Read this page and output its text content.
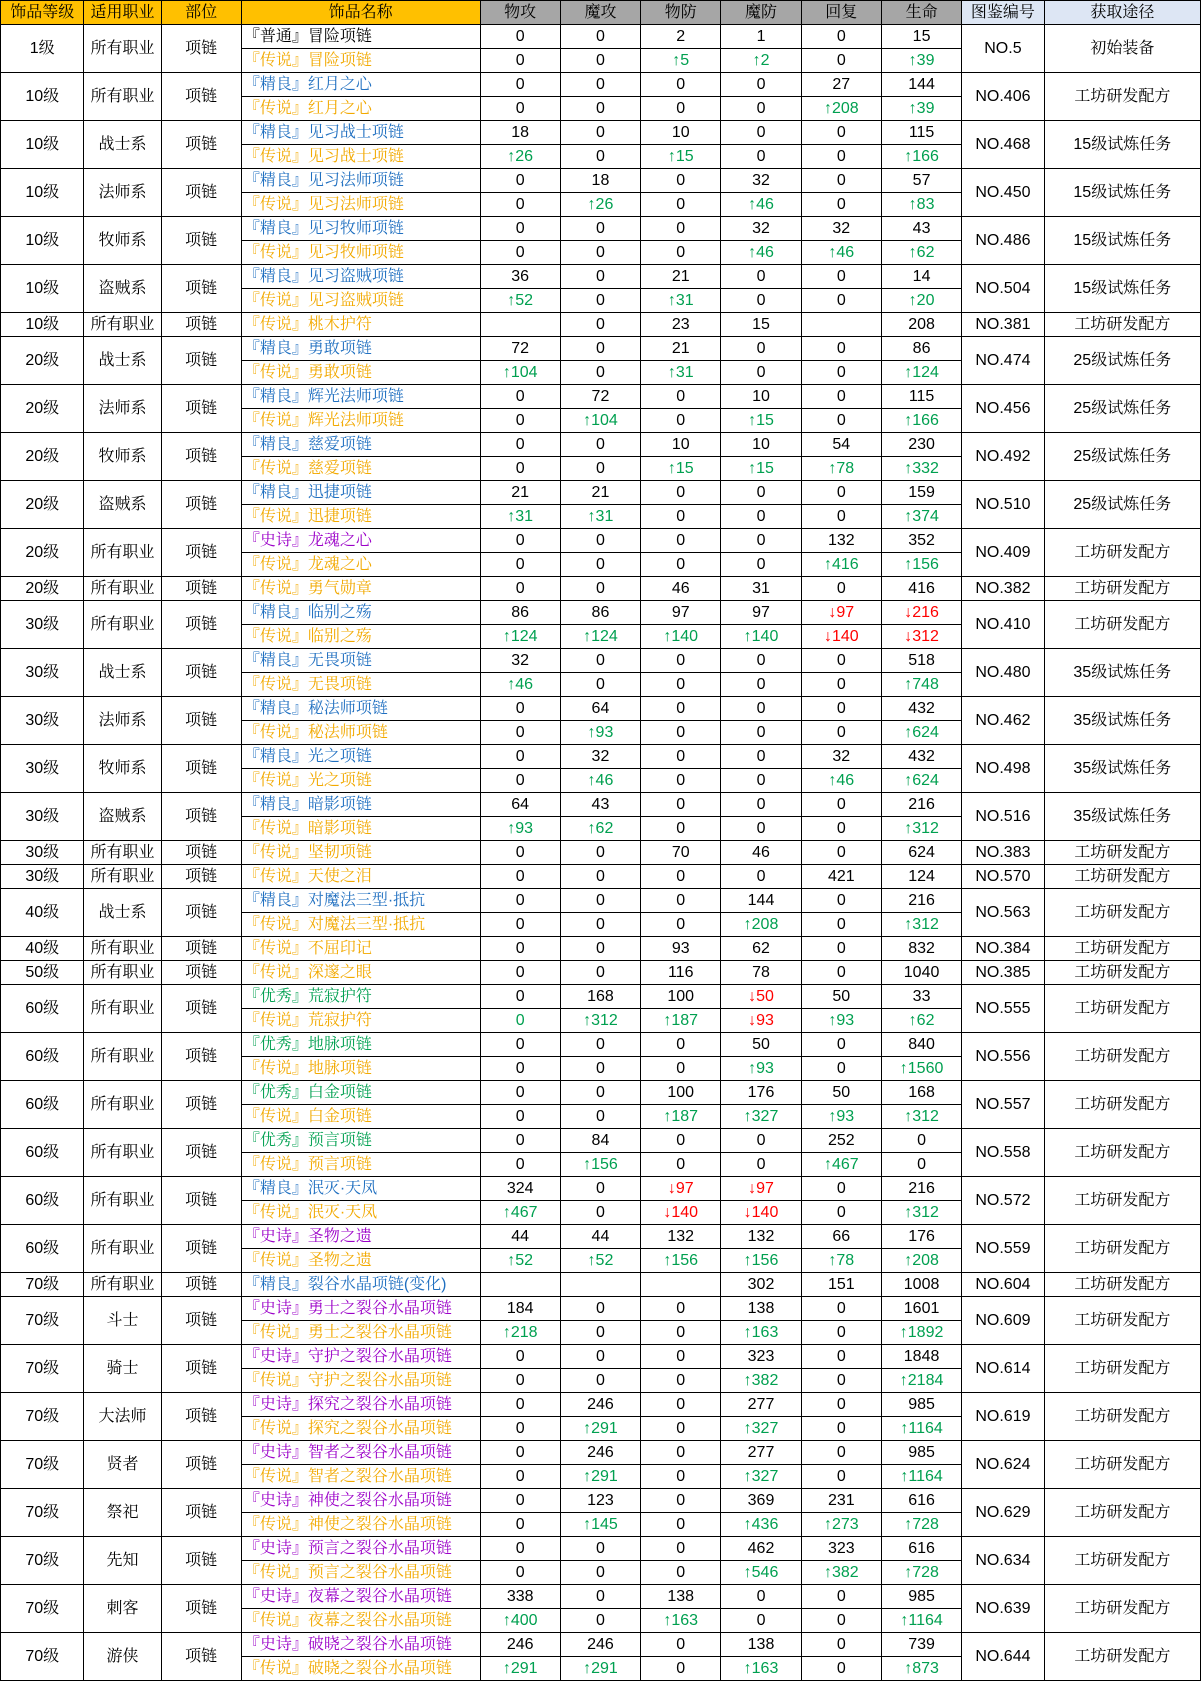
饰品等级	适用职业	部位	饰品名称	物攻	魔攻	物防	魔防	回复	生命	图鉴编号	获取途径
1级	所有职业	项链	『普通』冒险项链	0	0	2	1	0	15	NO.5	初始装备
			『传说』冒险项链	0	0	↑5	↑2	0	↑39		
10级	所有职业	项链	『精良』红月之心	0	0	0	0	27	144	NO.406	工坊研发配方
			『传说』红月之心	0	0	0	0	↑208	↑39		
10级	战士系	项链	『精良』见习战士项链	18	0	10	0	0	115	NO.468	15级试炼任务
			『传说』见习战士项链	↑26	0	↑15	0	0	↑166		
10级	法师系	项链	『精良』见习法师项链	0	18	0	32	0	57	NO.450	15级试炼任务
			『传说』见习法师项链	0	↑26	0	↑46	0	↑83		
10级	牧师系	项链	『精良』见习牧师项链	0	0	0	32	32	43	NO.486	15级试炼任务
			『传说』见习牧师项链	0	0	0	↑46	↑46	↑62		
10级	盗贼系	项链	『精良』见习盗贼项链	36	0	21	0	0	14	NO.504	15级试炼任务
			『传说』见习盗贼项链	↑52	0	↑31	0	0	↑20		
10级	所有职业	项链	『传说』桃木护符		0	23	15		208	NO.381	工坊研发配方
20级	战士系	项链	『精良』勇敢项链	72	0	21	0	0	86	NO.474	25级试炼任务
			『传说』勇敢项链	↑104	0	↑31	0	0	↑124		
20级	法师系	项链	『精良』辉光法师项链	0	72	0	10	0	115	NO.456	25级试炼任务
			『传说』辉光法师项链	0	↑104	0	↑15	0	↑166		
20级	牧师系	项链	『精良』慈爱项链	0	0	10	10	54	230	NO.492	25级试炼任务
			『传说』慈爱项链	0	0	↑15	↑15	↑78	↑332		
20级	盗贼系	项链	『精良』迅捷项链	21	21	0	0	0	159	NO.510	25级试炼任务
			『传说』迅捷项链	↑31	↑31	0	0	0	↑374		
20级	所有职业	项链	『史诗』龙魂之心	0	0	0	0	132	352	NO.409	工坊研发配方
			『传说』龙魂之心	0	0	0	0	↑416	↑156		
20级	所有职业	项链	『传说』勇气勋章	0	0	46	31	0	416	NO.382	工坊研发配方
30级	所有职业	项链	『精良』临别之殇	86	86	97	97	↓97	↓216	NO.410	工坊研发配方
			『传说』临别之殇	↑124	↑124	↑140	↑140	↓140	↓312		
30级	战士系	项链	『精良』无畏项链	32	0	0	0	0	518	NO.480	35级试炼任务
			『传说』无畏项链	↑46	0	0	0	0	↑748		
30级	法师系	项链	『精良』秘法师项链	0	64	0	0	0	432	NO.462	35级试炼任务
			『传说』秘法师项链	0	↑93	0	0	0	↑624		
30级	牧师系	项链	『精良』光之项链	0	32	0	0	32	432	NO.498	35级试炼任务
			『传说』光之项链	0	↑46	0	0	↑46	↑624		
30级	盗贼系	项链	『精良』暗影项链	64	43	0	0	0	216	NO.516	35级试炼任务
			『传说』暗影项链	↑93	↑62	0	0	0	↑312		
30级	所有职业	项链	『传说』坚韧项链	0	0	70	46	0	624	NO.383	工坊研发配方
30级	所有职业	项链	『传说』天使之泪	0	0	0	0	421	124	NO.570	工坊研发配方
40级	战士系	项链	『精良』对魔法三型·抵抗	0	0	0	144	0	216	NO.563	工坊研发配方
			『传说』对魔法三型·抵抗	0	0	0	↑208	0	↑312		
40级	所有职业	项链	『传说』不屈印记	0	0	93	62	0	832	NO.384	工坊研发配方
50级	所有职业	项链	『传说』深邃之眼	0	0	116	78	0	1040	NO.385	工坊研发配方
60级	所有职业	项链	『优秀』荒寂护符	0	168	100	↓50	50	33	NO.555	工坊研发配方
			『传说』荒寂护符	0	↑312	↑187	↓93	↑93	↑62		
60级	所有职业	项链	『优秀』地脉项链	0	0	0	50	0	840	NO.556	工坊研发配方
			『传说』地脉项链	0	0	0	↑93	0	↑1560		
60级	所有职业	项链	『优秀』白金项链	0	0	100	176	50	168	NO.557	工坊研发配方
			『传说』白金项链	0	0	↑187	↑327	↑93	↑312		
60级	所有职业	项链	『优秀』预言项链	0	84	0	0	252	0	NO.558	工坊研发配方
			『传说』预言项链	0	↑156	0	0	↑467	0		
60级	所有职业	项链	『精良』泯灭·天凤	324	0	↓97	↓97	0	216	NO.572	工坊研发配方
			『传说』泯灭·天凤	↑467	0	↓140	↓140	0	↑312		
60级	所有职业	项链	『史诗』圣物之遗	44	44	132	132	66	176	NO.559	工坊研发配方
			『传说』圣物之遗	↑52	↑52	↑156	↑156	↑78	↑208		
70级	所有职业	项链	『精良』裂谷水晶项链(变化)				302	151	1008	NO.604	工坊研发配方
70级	斗士	项链	『史诗』勇士之裂谷水晶项链	184	0	0	138	0	1601	NO.609	工坊研发配方
			『传说』勇士之裂谷水晶项链	↑218	0	0	↑163	0	↑1892		
70级	骑士	项链	『史诗』守护之裂谷水晶项链	0	0	0	323	0	1848	NO.614	工坊研发配方
			『传说』守护之裂谷水晶项链	0	0	0	↑382	0	↑2184		
70级	大法师	项链	『史诗』探究之裂谷水晶项链	0	246	0	277	0	985	NO.619	工坊研发配方
			『传说』探究之裂谷水晶项链	0	↑291	0	↑327	0	↑1164		
70级	贤者	项链	『史诗』智者之裂谷水晶项链	0	246	0	277	0	985	NO.624	工坊研发配方
			『传说』智者之裂谷水晶项链	0	↑291	0	↑327	0	↑1164		
70级	祭祀	项链	『史诗』神使之裂谷水晶项链	0	123	0	369	231	616	NO.629	工坊研发配方
			『传说』神使之裂谷水晶项链	0	↑145	0	↑436	↑273	↑728		
70级	先知	项链	『史诗』预言之裂谷水晶项链	0	0	0	462	323	616	NO.634	工坊研发配方
			『传说』预言之裂谷水晶项链	0	0	0	↑546	↑382	↑728		
70级	刺客	项链	『史诗』夜幕之裂谷水晶项链	338	0	138	0	0	985	NO.639	工坊研发配方
			『传说』夜幕之裂谷水晶项链	↑400	0	↑163	0	0	↑1164		
70级	游侠	项链	『史诗』破晓之裂谷水晶项链	246	246	0	138	0	739	NO.644	工坊研发配方
			『传说』破晓之裂谷水晶项链	↑291	↑291	0	↑163	0	↑873		
